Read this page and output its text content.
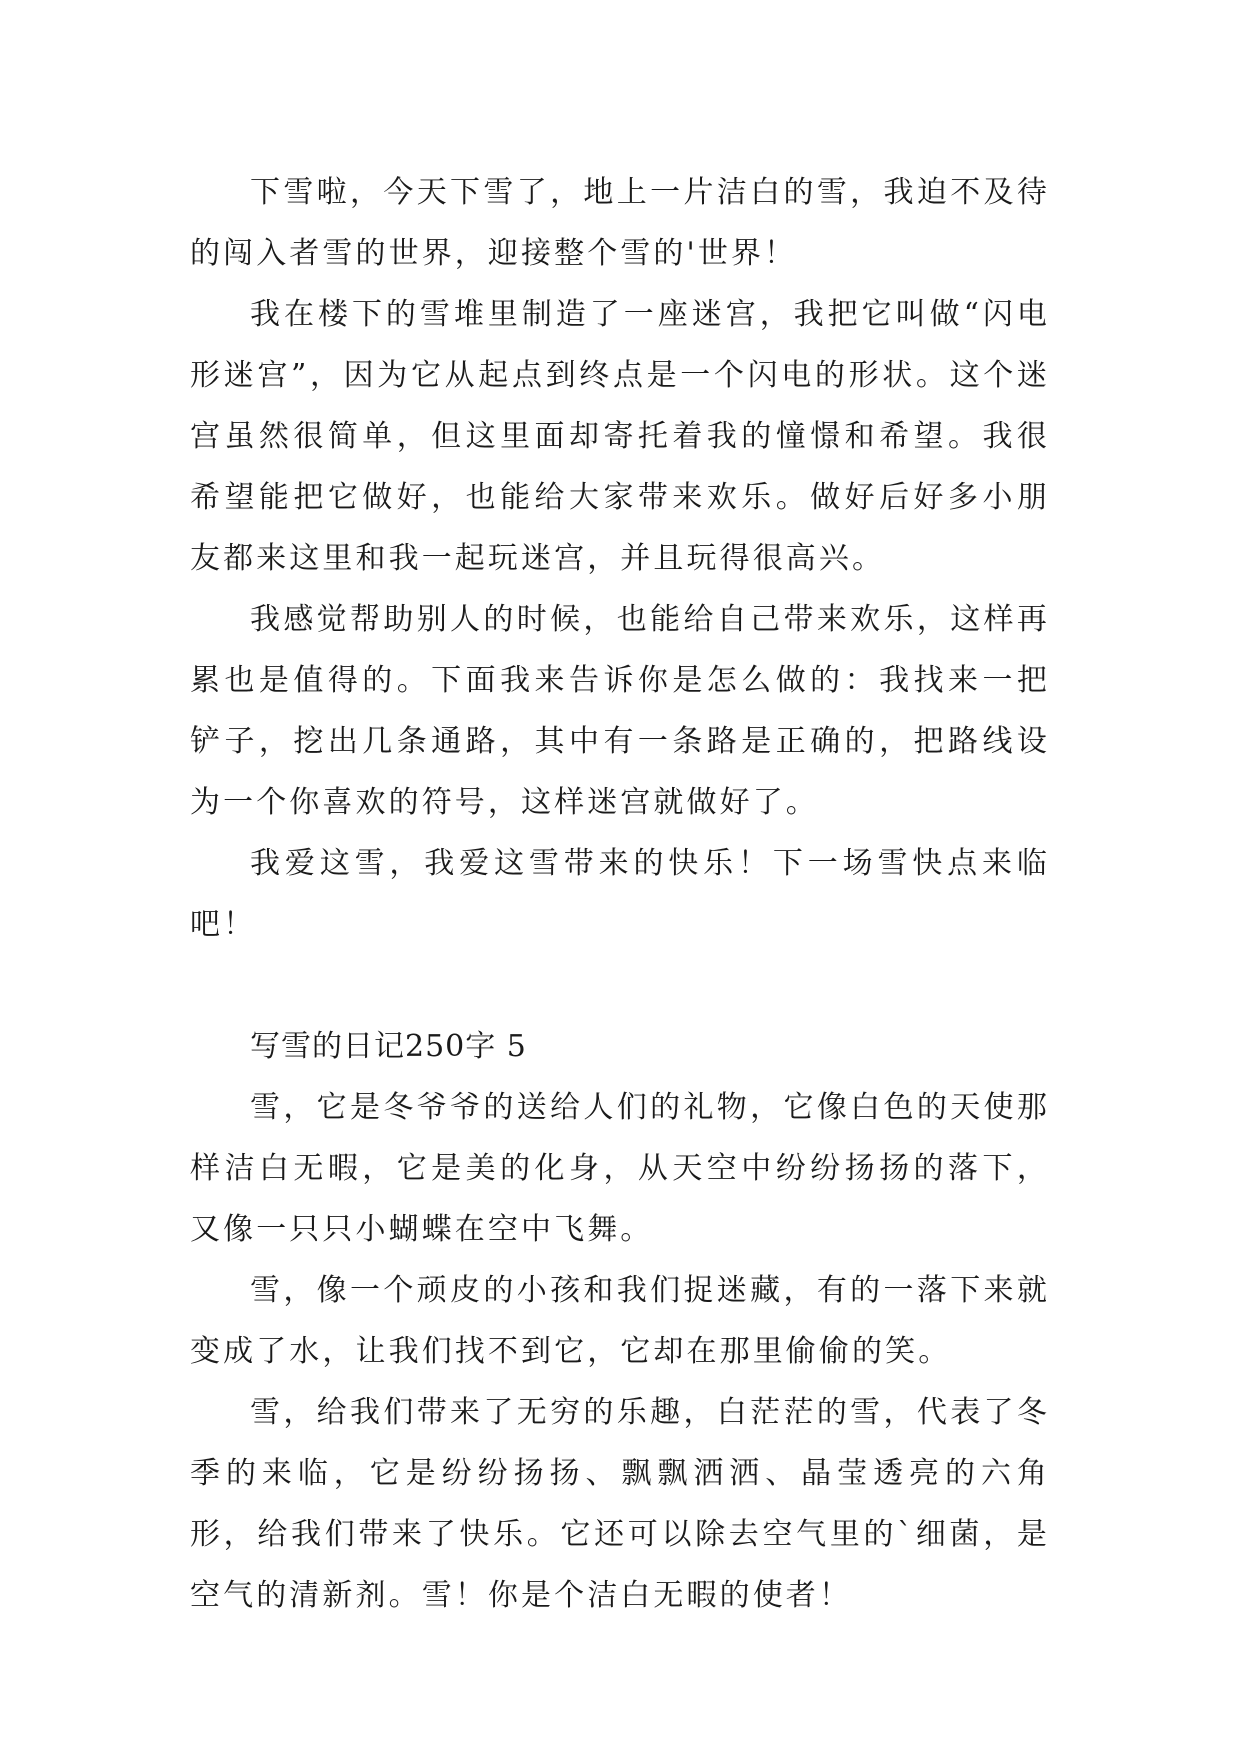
下雪啦，今天下雪了，地上一片洁白的雪，我迫不及待的闯入者雪的世界，迎接整个雪的'世界！

我在楼下的雪堆里制造了一座迷宫，我把它叫做“闪电形迷宫”，因为它从起点到终点是一个闪电的形状。这个迷宫虽然很简单，但这里面却寄托着我的憧憬和希望。我很希望能把它做好，也能给大家带来欢乐。做好后好多小朋友都来这里和我一起玩迷宫，并且玩得很高兴。

我感觉帮助别人的时候，也能给自己带来欢乐，这样再累也是值得的。下面我来告诉你是怎么做的：我找来一把铲子，挖出几条通路，其中有一条路是正确的，把路线设为一个你喜欢的符号，这样迷宫就做好了。

我爱这雪，我爱这雪带来的快乐！下一场雪快点来临吧！

写雪的日记250字 5

雪，它是冬爷爷的送给人们的礼物，它像白色的天使那样洁白无暇，它是美的化身，从天空中纷纷扬扬的落下，又像一只只小蝴蝶在空中飞舞。

雪，像一个顽皮的小孩和我们捉迷藏，有的一落下来就变成了水，让我们找不到它，它却在那里偷偷的笑。

雪，给我们带来了无穷的乐趣，白茫茫的雪，代表了冬季的来临，它是纷纷扬扬、飘飘洒洒、晶莹透亮的六角形，给我们带来了快乐。它还可以除去空气里的`细菌，是空气的清新剂。雪！你是个洁白无暇的使者！
